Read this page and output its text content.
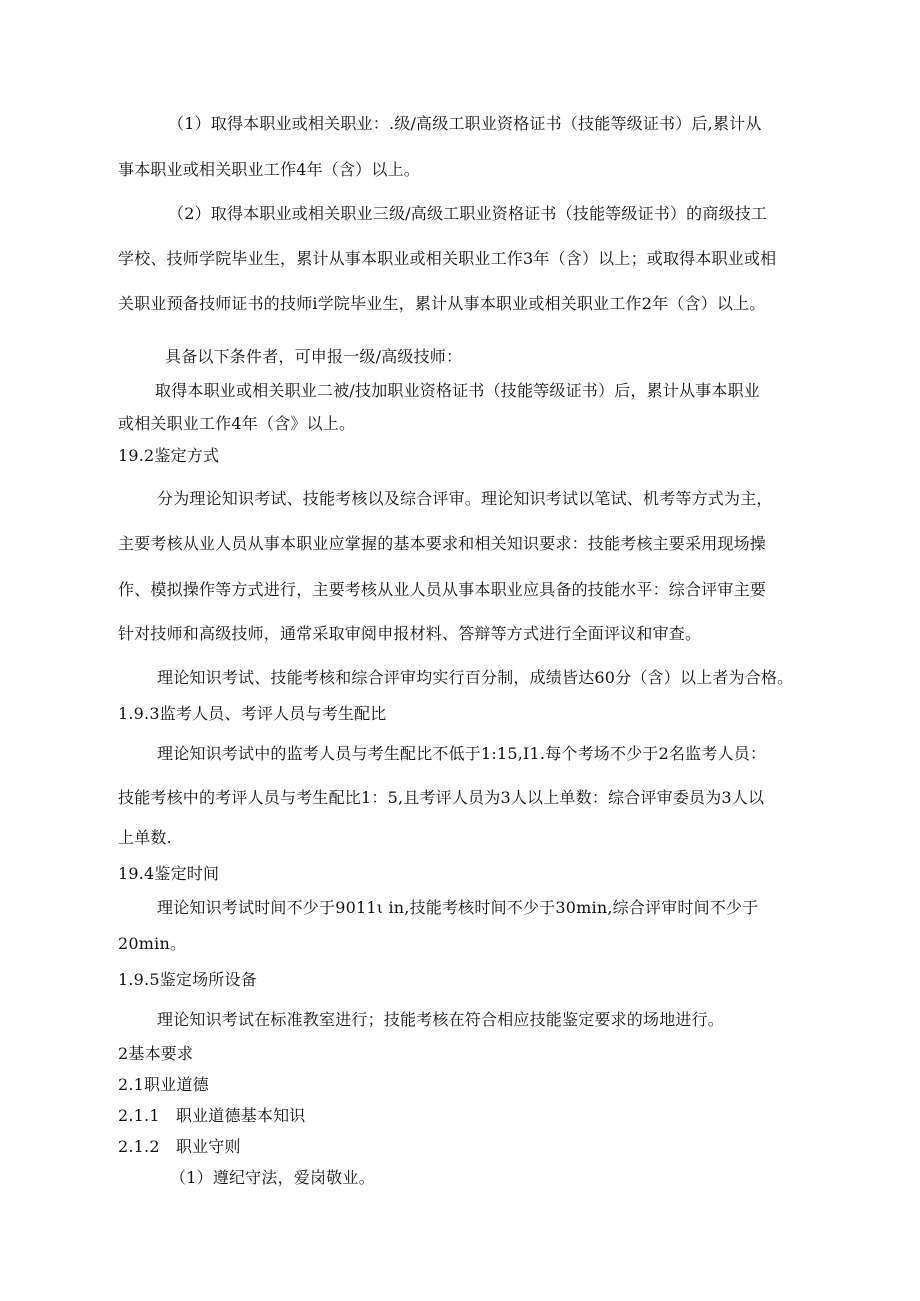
（1）取得本职业或相关职业：.级/高级工职业资格证书（技能等级证书）后,累计从
事本职业或相关职业工作4年（含）以上。
（2）取得本职业或相关职业三级/高级工职业资格证书（技能等级证书）的商级技工
学校、技师学院毕业生，累计从事本职业或相关职业工作3年（含）以上；或取得本职业或相
关职业预备技师证书的技师i学院毕业生，累计从事本职业或相关职业工作2年（含）以上。
具备以下条件者，可申报一级/高级技师：
取得本职业或相关职业二被/技加职业资格证书（技能等级证书）后，累计从事本职业
或相关职业工作4年（含》以上。
19.2鉴定方式
分为理论知识考试、技能考核以及综合评审。理论知识考试以笔试、机考等方式为主，
主要考核从业人员从事本职业应掌握的基本要求和相关知识要求：技能考核主要采用现场操
作、模拟操作等方式进行，主要考核从业人员从事本职业应具备的技能水平：综合评审主要
针对技师和高级技师，通常采取审阅申报材料、答辩等方式进行全面评议和审查。
理论知识考试、技能考核和综合评审均实行百分制，成绩皆达60分（含）以上者为合格。
1.9.3监考人员、考评人员与考生配比
理论知识考试中的监考人员与考生配比不低于1:15,I1.每个考场不少于2名监考人员：
技能考核中的考评人员与考生配比1：5,且考评人员为3人以上单数：综合评审委员为3人以
上单数.
19.4鉴定时间
理论知识考试时间不少于9011ι in,技能考核时间不少于30min,综合评审时间不少于
20min。
1.9.5鉴定场所设备
理论知识考试在标准教室进行；技能考核在符合相应技能鉴定要求的场地进行。
2基本要求
2.1职业道德
2.1.1　职业道德基本知识
2.1.2　职业守则
（1）遵纪守法，爱岗敬业。
